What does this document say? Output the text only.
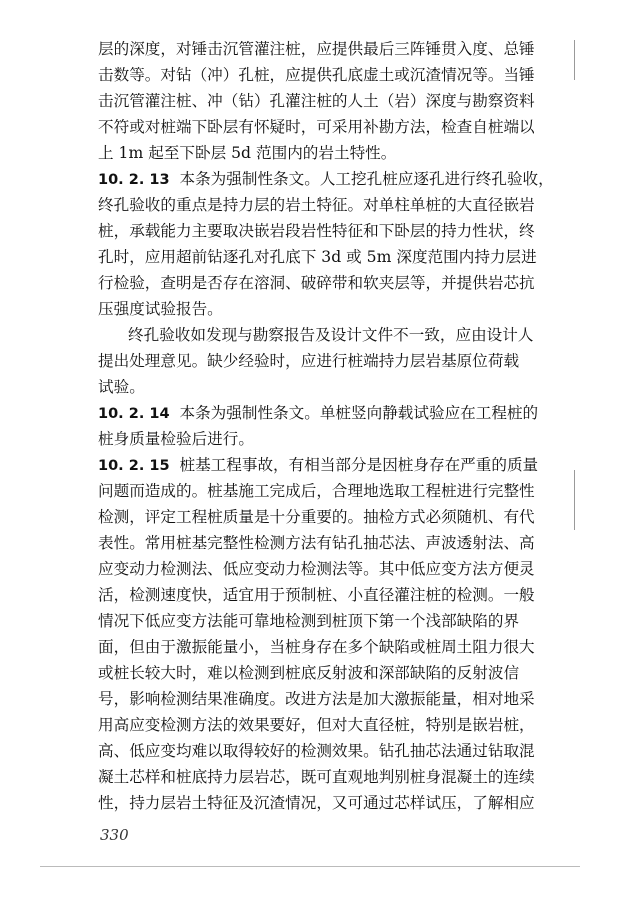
层的深度，对锤击沉管灌注桩，应提供最后三阵锤贯入度、总锤
击数等。对钻（冲）孔桩，应提供孔底虚土或沉渣情况等。当锤
击沉管灌注桩、冲（钻）孔灌注桩的人土（岩）深度与勘察资料
不符或对桩端下卧层有怀疑时，可采用补勘方法，检查自桩端以
上 1m 起至下卧层 5d 范围内的岩土特性。
10. 2. 13 本条为强制性条文。人工挖孔桩应逐孔进行终孔验收，
终孔验收的重点是持力层的岩土特征。对单柱单桩的大直径嵌岩
桩，承载能力主要取决嵌岩段岩性特征和下卧层的持力性状，终
孔时，应用超前钻逐孔对孔底下 3d 或 5m 深度范围内持力层进
行检验，查明是否存在溶洞、破碎带和软夹层等，并提供岩芯抗
压强度试验报告。
终孔验收如发现与勘察报告及设计文件不一致，应由设计人
提出处理意见。缺少经验时，应进行桩端持力层岩基原位荷载
试验。
10. 2. 14 本条为强制性条文。单桩竖向静载试验应在工程桩的
桩身质量检验后进行。
10. 2. 15 桩基工程事故，有相当部分是因桩身存在严重的质量
问题而造成的。桩基施工完成后，合理地选取工程桩进行完整性
检测，评定工程桩质量是十分重要的。抽检方式必须随机、有代
表性。常用桩基完整性检测方法有钻孔抽芯法、声波透射法、高
应变动力检测法、低应变动力检测法等。其中低应变方法方便灵
活，检测速度快，适宜用于预制桩、小直径灌注桩的检测。一般
情况下低应变方法能可靠地检测到桩顶下第一个浅部缺陷的界
面，但由于激振能量小，当桩身存在多个缺陷或桩周土阻力很大
或桩长较大时，难以检测到桩底反射波和深部缺陷的反射波信
号，影响检测结果准确度。改进方法是加大激振能量，相对地采
用高应变检测方法的效果要好，但对大直径桩，特别是嵌岩桩，
高、低应变均难以取得较好的检测效果。钻孔抽芯法通过钻取混
凝土芯样和桩底持力层岩芯，既可直观地判别桩身混凝土的连续
性，持力层岩土特征及沉渣情况，又可通过芯样试压，了解相应
330
